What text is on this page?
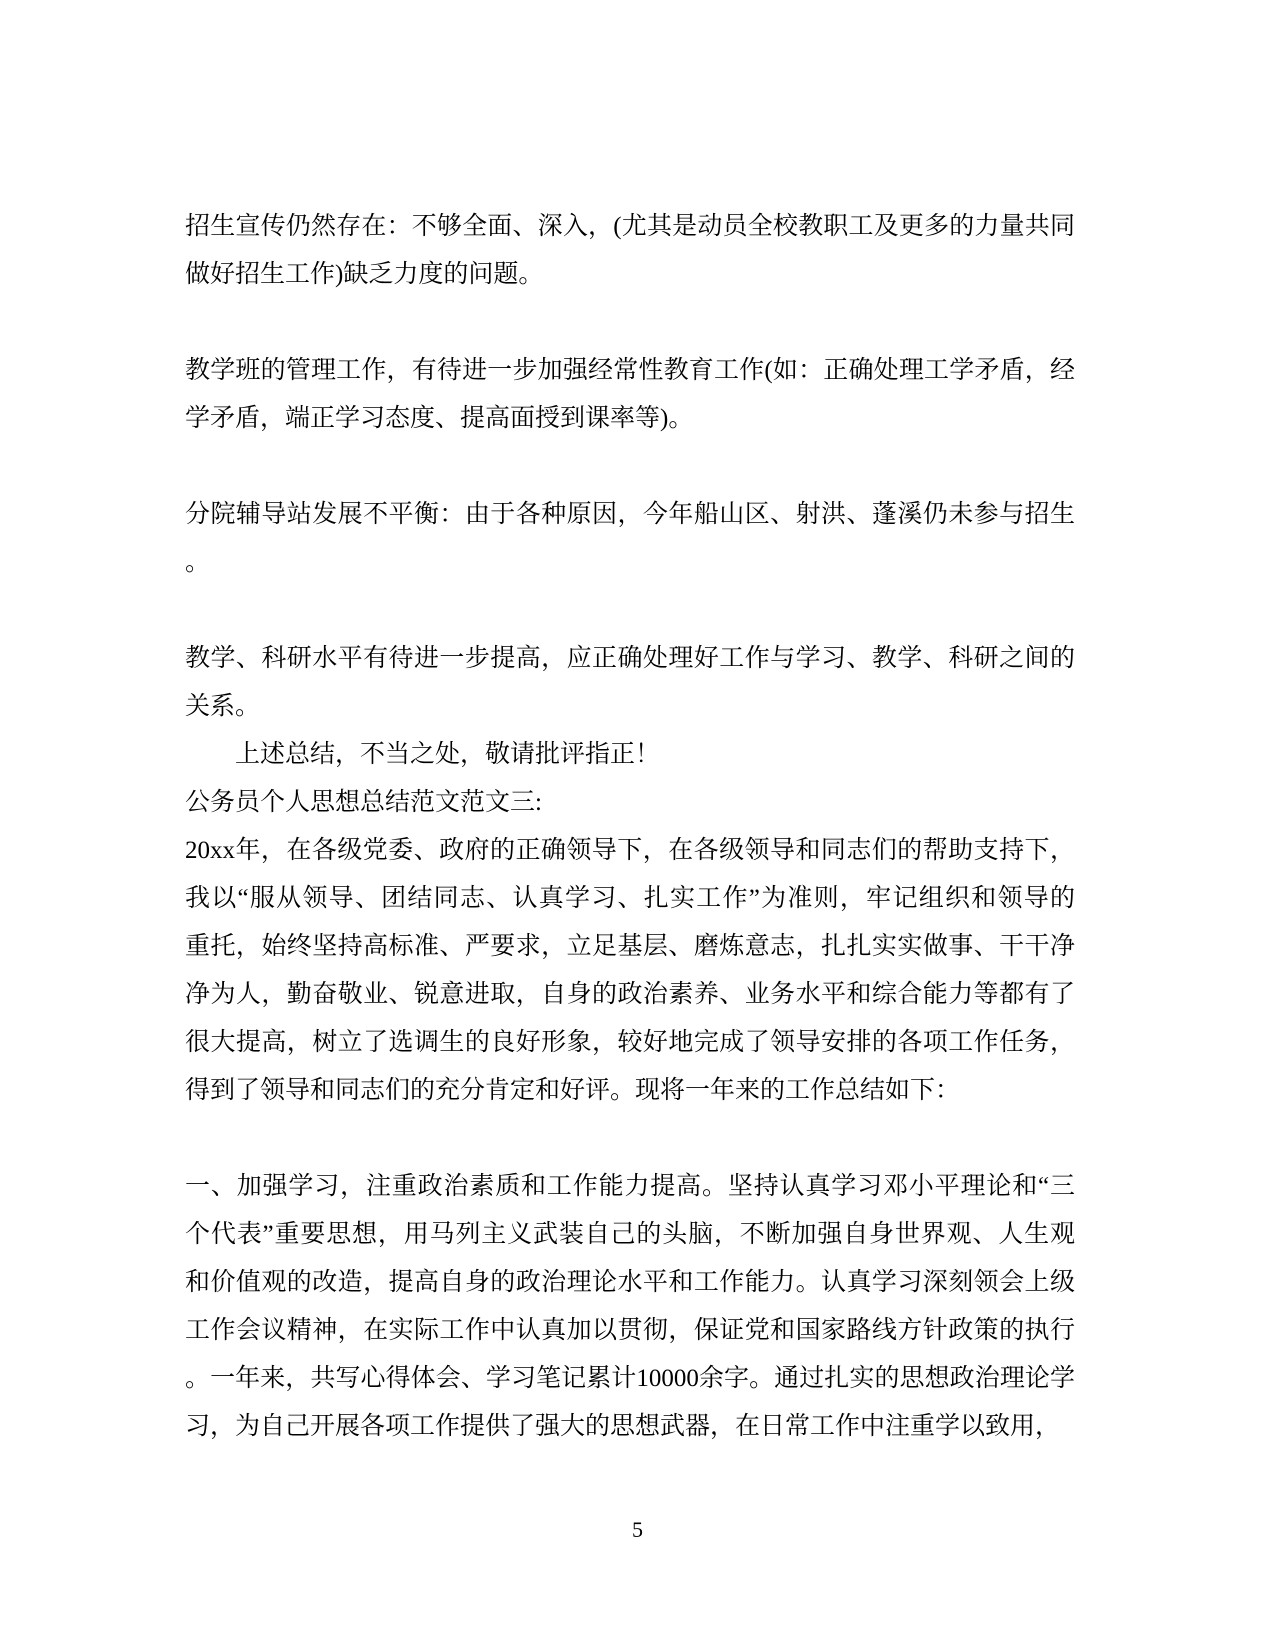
招生宣传仍然存在：不够全面、深入，(尤其是动员全校教职工及更多的力量共同
做好招生工作)缺乏力度的问题。
教学班的管理工作，有待进一步加强经常性教育工作(如：正确处理工学矛盾，经
学矛盾，端正学习态度、提高面授到课率等)。
分院辅导站发展不平衡：由于各种原因，今年船山区、射洪、蓬溪仍未参与招生
。
教学、科研水平有待进一步提高，应正确处理好工作与学习、教学、科研之间的
关系。
上述总结，不当之处，敬请批评指正！
公务员个人思想总结范文范文三:
20xx年，在各级党委、政府的正确领导下，在各级领导和同志们的帮助支持下，
我以“服从领导、团结同志、认真学习、扎实工作”为准则，牢记组织和领导的
重托，始终坚持高标准、严要求，立足基层、磨炼意志，扎扎实实做事、干干净
净为人，勤奋敬业、锐意进取，自身的政治素养、业务水平和综合能力等都有了
很大提高，树立了选调生的良好形象，较好地完成了领导安排的各项工作任务，
得到了领导和同志们的充分肯定和好评。现将一年来的工作总结如下：
一、加强学习，注重政治素质和工作能力提高。坚持认真学习邓小平理论和“三
个代表”重要思想，用马列主义武装自己的头脑，不断加强自身世界观、人生观
和价值观的改造，提高自身的政治理论水平和工作能力。认真学习深刻领会上级
工作会议精神，在实际工作中认真加以贯彻，保证党和国家路线方针政策的执行
。一年来，共写心得体会、学习笔记累计10000余字。通过扎实的思想政治理论学
习，为自己开展各项工作提供了强大的思想武器，在日常工作中注重学以致用，
5
